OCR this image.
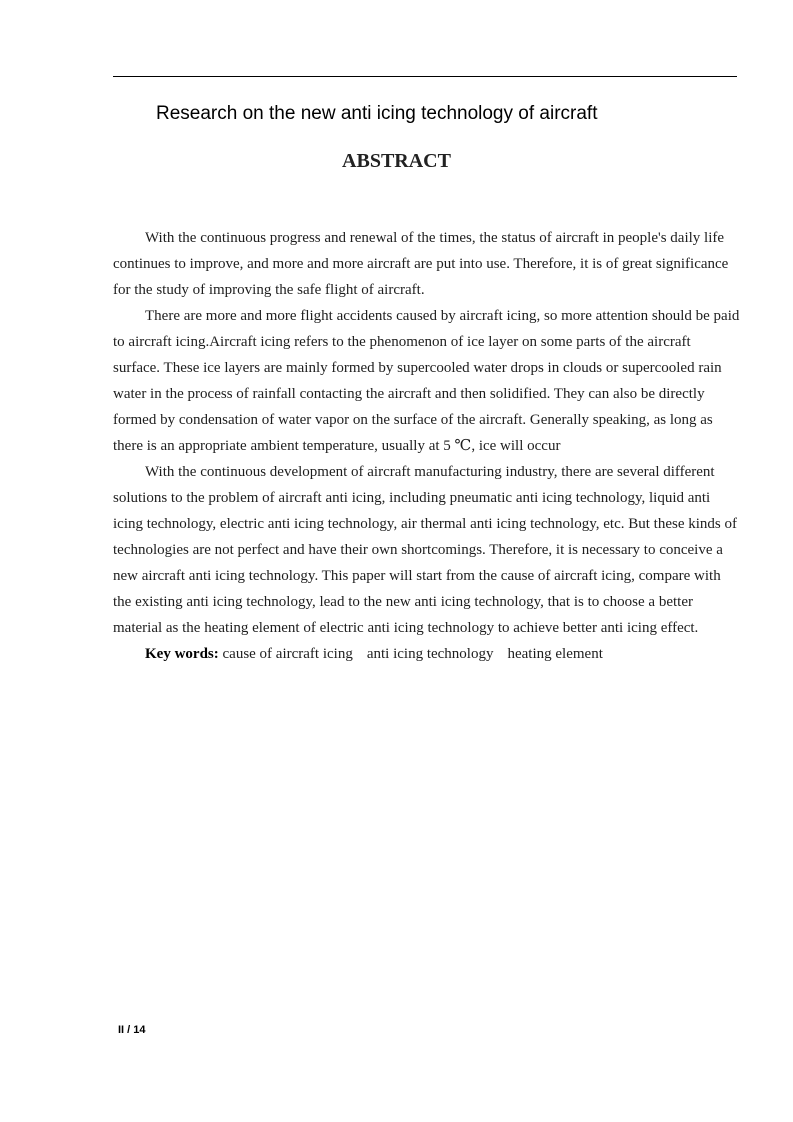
Research on the new anti icing technology of aircraft
ABSTRACT

With the continuous progress and renewal of the times, the status of aircraft in people's daily life continues to improve, and more and more aircraft are put into use. Therefore, it is of great significance for the study of improving the safe flight of aircraft.

There are more and more flight accidents caused by aircraft icing, so more attention should be paid to aircraft icing.Aircraft icing refers to the phenomenon of ice layer on some parts of the aircraft surface. These ice layers are mainly formed by supercooled water drops in clouds or supercooled rain water in the process of rainfall contacting the aircraft and then solidified. They can also be directly formed by condensation of water vapor on the surface of the aircraft. Generally speaking, as long as there is an appropriate ambient temperature, usually at 5 ℃, ice will occur

With the continuous development of aircraft manufacturing industry, there are several different solutions to the problem of aircraft anti icing, including pneumatic anti icing technology, liquid anti icing technology, electric anti icing technology, air thermal anti icing technology, etc. But these kinds of technologies are not perfect and have their own shortcomings. Therefore, it is necessary to conceive a new aircraft anti icing technology. This paper will start from the cause of aircraft icing, compare with the existing anti icing technology, lead to the new anti icing technology, that is to choose a better material as the heating element of electric anti icing technology to achieve better anti icing effect.

Key words: cause of aircraft icing anti icing technology heating element

II / 14
